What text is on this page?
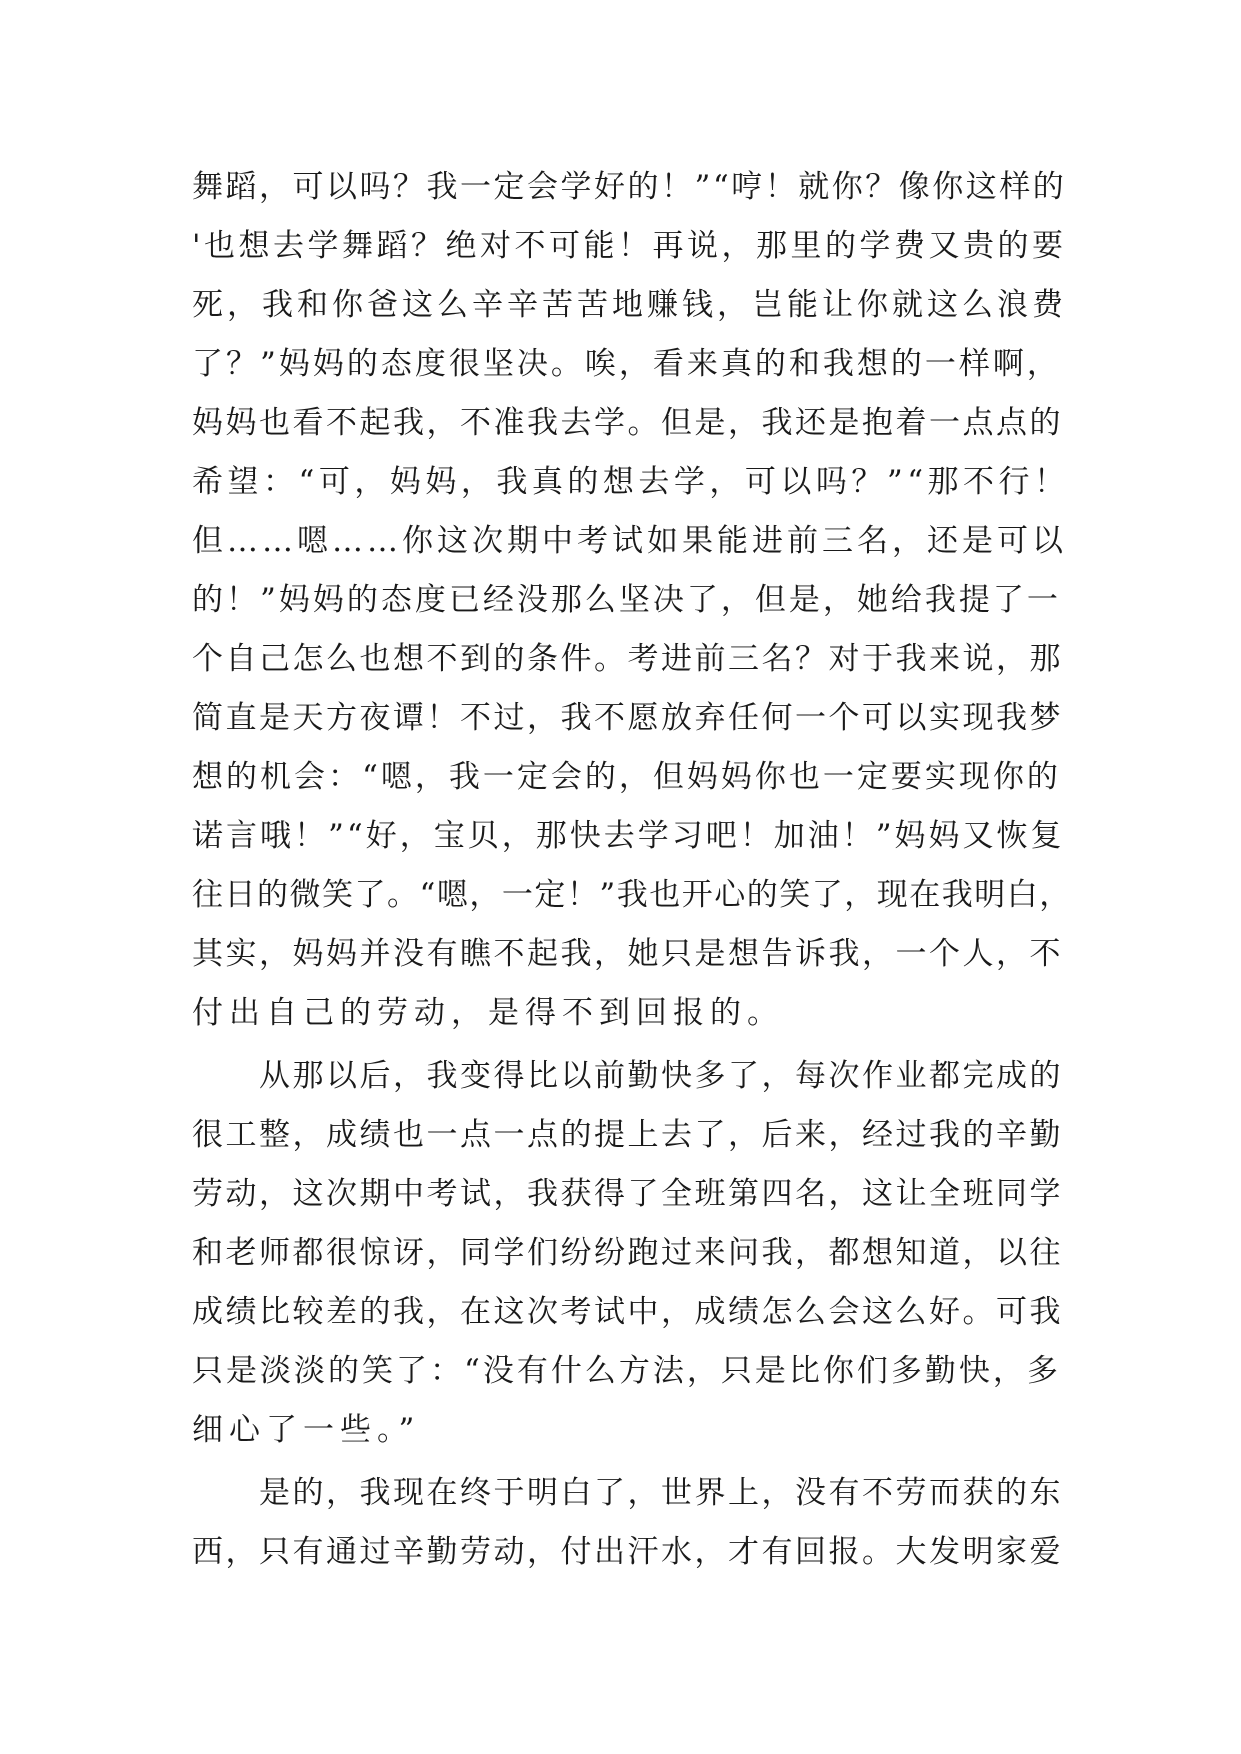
舞蹈，可以吗？我一定会学好的！”“哼！就你？像你这样的
'也想去学舞蹈？绝对不可能！再说，那里的学费又贵的要
死，我和你爸这么辛辛苦苦地赚钱，岂能让你就这么浪费
了？”妈妈的态度很坚决。唉，看来真的和我想的一样啊，
妈妈也看不起我，不准我去学。但是，我还是抱着一点点的
希望：“可，妈妈，我真的想去学，可以吗？”“那不行！
但……嗯……你这次期中考试如果能进前三名，还是可以
的！”妈妈的态度已经没那么坚决了，但是，她给我提了一
个自己怎么也想不到的条件。考进前三名？对于我来说，那
简直是天方夜谭！不过，我不愿放弃任何一个可以实现我梦
想的机会：“嗯，我一定会的，但妈妈你也一定要实现你的
诺言哦！”“好，宝贝，那快去学习吧！加油！”妈妈又恢复
往日的微笑了。“嗯，一定！”我也开心的笑了，现在我明白，
其实，妈妈并没有瞧不起我，她只是想告诉我，一个人，不
付出自己的劳动，是得不到回报的。
　　从那以后，我变得比以前勤快多了，每次作业都完成的
很工整，成绩也一点一点的提上去了，后来，经过我的辛勤
劳动，这次期中考试，我获得了全班第四名，这让全班同学
和老师都很惊讶，同学们纷纷跑过来问我，都想知道，以往
成绩比较差的我，在这次考试中，成绩怎么会这么好。可我
只是淡淡的笑了：“没有什么方法，只是比你们多勤快，多
细心了一些。”
　　是的，我现在终于明白了，世界上，没有不劳而获的东
西，只有通过辛勤劳动，付出汗水，才有回报。大发明家爱
